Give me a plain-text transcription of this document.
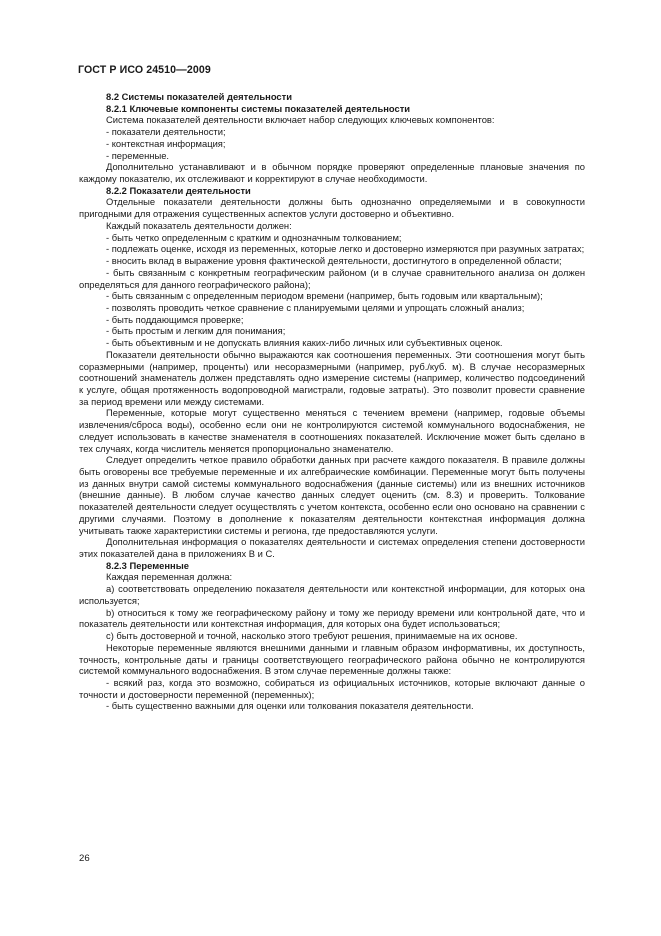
ГОСТ Р ИСО 24510—2009

8.2 Системы показателей деятельности

8.2.1 Ключевые компоненты системы показателей деятельности

Система показателей деятельности включает набор следующих ключевых компонентов:

- показатели деятельности;

- контекстная информация;

- переменные.

Дополнительно устанавливают и в обычном порядке проверяют определенные плановые значения по каждому показателю, их отслеживают и корректируют в случае необходимости.

8.2.2 Показатели деятельности

Отдельные показатели деятельности должны быть однозначно определяемыми и в совокупности пригодными для отражения существенных аспектов услуги достоверно и объективно.

Каждый показатель деятельности должен:

- быть четко определенным с кратким и однозначным толкованием;

- подлежать оценке, исходя из переменных, которые легко и достоверно измеряются при разумных затратах;

- вносить вклад в выражение уровня фактической деятельности, достигнутого в определенной области;

- быть связанным с конкретным географическим районом (и в случае сравнительного анализа он должен определяться для данного географического района);

- быть связанным с определенным периодом времени (например, быть годовым или квартальным);

- позволять проводить четкое сравнение с планируемыми целями и упрощать сложный анализ;

- быть поддающимся проверке;

- быть простым и легким для понимания;

- быть объективным и не допускать влияния каких-либо личных или субъективных оценок.

Показатели деятельности обычно выражаются как соотношения переменных. Эти соотношения могут быть соразмерными (например, проценты) или несоразмерными (например, руб./куб. м). В случае несоразмерных соотношений знаменатель должен представлять одно измерение системы (например, количество подсоединений к услуге, общая протяженность водопроводной магистрали, годовые затраты). Это позволит провести сравнение за период времени или между системами.

Переменные, которые могут существенно меняться с течением времени (например, годовые объемы извлечения/сброса воды), особенно если они не контролируются системой коммунального водоснабжения, не следует использовать в качестве знаменателя в соотношениях показателей. Исключение может быть сделано в тех случаях, когда числитель меняется пропорционально знаменателю.

Следует определить четкое правило обработки данных при расчете каждого показателя. В правиле должны быть оговорены все требуемые переменные и их алгебраические комбинации. Переменные могут быть получены из данных внутри самой системы коммунального водоснабжения (данные системы) или из внешних источников (внешние данные). В любом случае качество данных следует оценить (см. 8.3) и проверить. Толкование показателей деятельности следует осуществлять с учетом контекста, особенно если оно основано на сравнении с другими случаями. Поэтому в дополнение к показателям деятельности контекстная информация должна учитывать также характеристики системы и региона, где предоставляются услуги.

Дополнительная информация о показателях деятельности и системах определения степени достоверности этих показателей дана в приложениях В и С.

8.2.3 Переменные

Каждая переменная должна:

a) соответствовать определению показателя деятельности или контекстной информации, для которых она используется;

b) относиться к тому же географическому району и тому же периоду времени или контрольной дате, что и показатель деятельности или контекстная информация, для которых она будет использоваться;

c) быть достоверной и точной, насколько этого требуют решения, принимаемые на их основе.

Некоторые переменные являются внешними данными и главным образом информативны, их доступность, точность, контрольные даты и границы соответствующего географического района обычно не контролируются системой коммунального водоснабжения. В этом случае переменные должны также:

- всякий раз, когда это возможно, собираться из официальных источников, которые включают данные о точности и достоверности переменной (переменных);

- быть существенно важными для оценки или толкования показателя деятельности.

26
